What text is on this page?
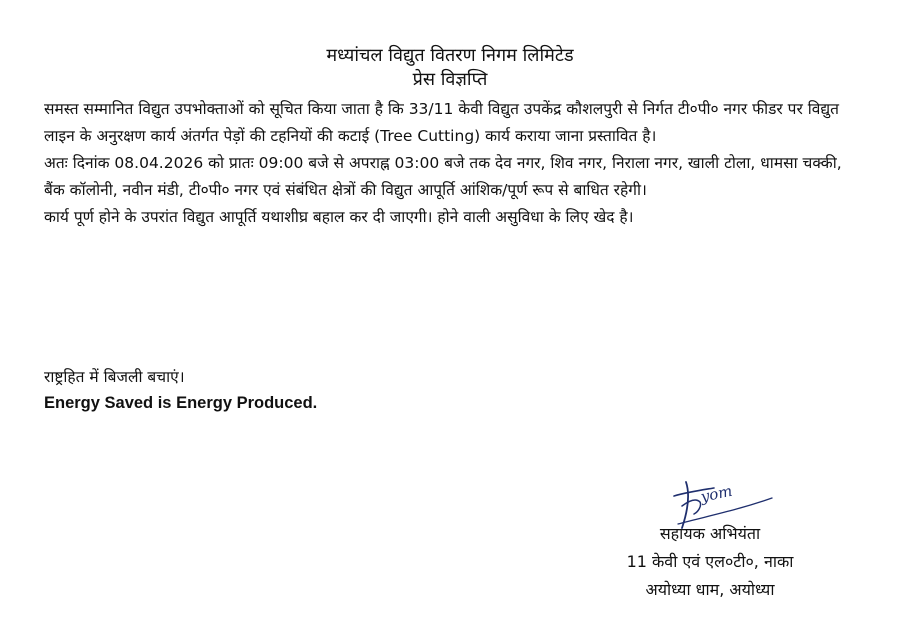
मध्यांचल विद्युत वितरण निगम लिमिटेड
प्रेस विज्ञप्ति

समस्त सम्मानित विद्युत उपभोक्ताओं को सूचित किया जाता है कि 33/11 केवी विद्युत उपकेंद्र कौशलपुरी से निर्गत टी०पी० नगर फीडर पर विद्युत लाइन के अनुरक्षण कार्य अंतर्गत पेड़ों की टहनियों की कटाई (Tree Cutting) कार्य कराया जाना प्रस्तावित है।

अतः दिनांक 08.04.2026 को प्रातः 09:00 बजे से अपराह्न 03:00 बजे तक देव नगर, शिव नगर, निराला नगर, खाली टोला, धामसा चक्की, बैंक कॉलोनी, नवीन मंडी, टी०पी० नगर एवं संबंधित क्षेत्रों की विद्युत आपूर्ति आंशिक/पूर्ण रूप से बाधित रहेगी।

कार्य पूर्ण होने के उपरांत विद्युत आपूर्ति यथाशीघ्र बहाल कर दी जाएगी। होने वाली असुविधा के लिए खेद है।

राष्ट्रहित में बिजली बचाएं।
Energy Saved is Energy Produced.
yom
सहायक अभियंता
11 केवी एवं एल०टी०, नाका
अयोध्या धाम, अयोध्या
